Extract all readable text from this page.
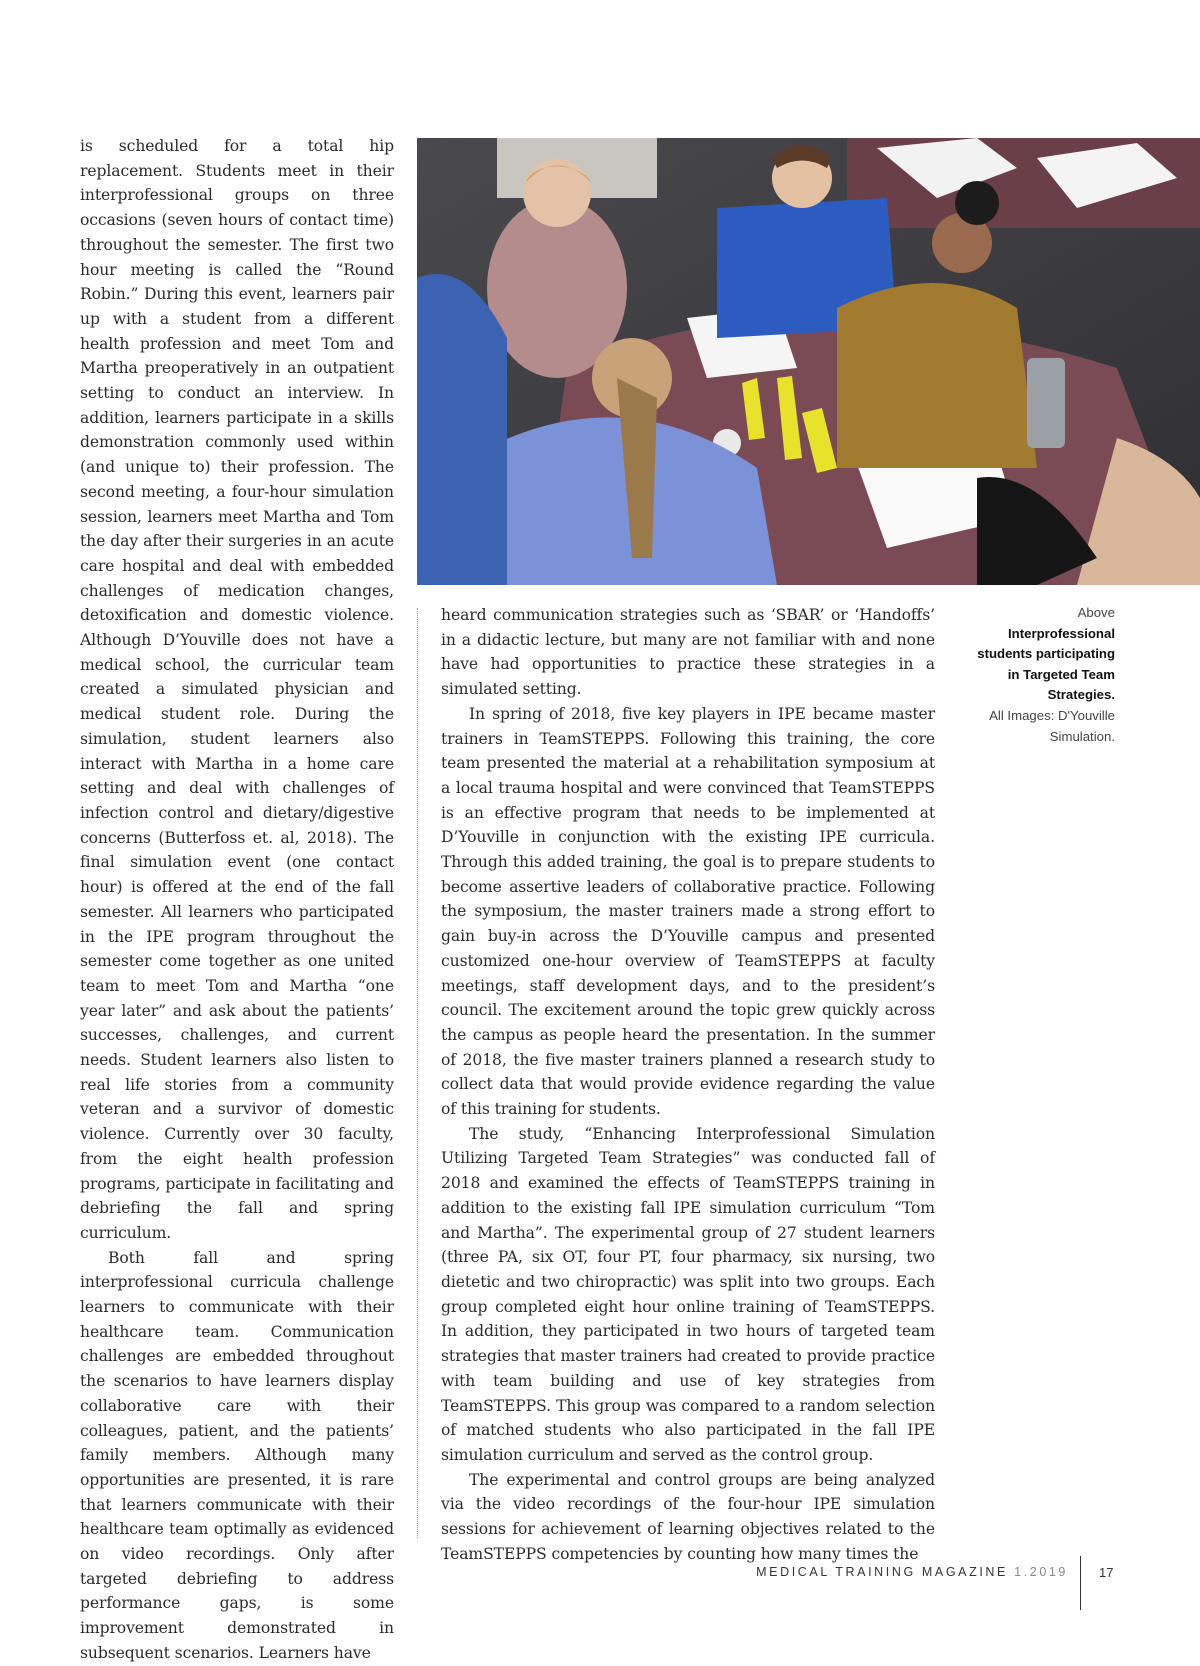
is scheduled for a total hip replacement. Students meet in their interprofessional groups on three occasions (seven hours of contact time) throughout the semester. The first two hour meeting is called the “Round Robin.” During this event, learners pair up with a student from a different health profession and meet Tom and Martha preoperatively in an outpatient setting to conduct an interview. In addition, learners participate in a skills demonstration commonly used within (and unique to) their profession. The second meeting, a four-hour simulation session, learners meet Martha and Tom the day after their surgeries in an acute care hospital and deal with embedded challenges of medication changes, detoxification and domestic violence. Although D’Youville does not have a medical school, the curricular team created a simulated physician and medical student role. During the simulation, student learners also interact with Martha in a home care setting and deal with challenges of infection control and dietary/digestive concerns (Butterfoss et. al, 2018). The final simulation event (one contact hour) is offered at the end of the fall semester. All learners who participated in the IPE program throughout the semester come together as one united team to meet Tom and Martha “one year later” and ask about the patients’ successes, challenges, and current needs. Student learners also listen to real life stories from a community veteran and a survivor of domestic violence. Currently over 30 faculty, from the eight health profession programs, participate in facilitating and debriefing the fall and spring curriculum.

Both fall and spring interprofessional curricula challenge learners to communicate with their healthcare team. Communication challenges are embedded throughout the scenarios to have learners display collaborative care with their colleagues, patient, and the patients’ family members. Although many opportunities are presented, it is rare that learners communicate with their healthcare team optimally as evidenced on video recordings. Only after targeted debriefing to address performance gaps, is some improvement demonstrated in subsequent scenarios. Learners have

heard communication strategies such as ‘SBAR’ or ‘Handoffs’ in a didactic lecture, but many are not familiar with and none have had opportunities to practice these strategies in a simulated setting.

In spring of 2018, five key players in IPE became master trainers in TeamSTEPPS. Following this training, the core team presented the material at a rehabilitation symposium at a local trauma hospital and were convinced that TeamSTEPPS is an effective program that needs to be implemented at D’Youville in conjunction with the existing IPE curricula. Through this added training, the goal is to prepare students to become assertive leaders of collaborative practice. Following the symposium, the master trainers made a strong effort to gain buy-in across the D’Youville campus and presented customized one-hour overview of TeamSTEPPS at faculty meetings, staff development days, and to the president’s council. The excitement around the topic grew quickly across the campus as people heard the presentation. In the summer of 2018, the five master trainers planned a research study to collect data that would provide evidence regarding the value of this training for students.

The study, “Enhancing Interprofessional Simulation Utilizing Targeted Team Strategies” was conducted fall of 2018 and examined the effects of TeamSTEPPS training in addition to the existing fall IPE simulation curriculum “Tom and Martha”. The experimental group of 27 student learners (three PA, six OT, four PT, four pharmacy, six nursing, two dietetic and two chiropractic) was split into two groups. Each group completed eight hour online training of TeamSTEPPS. In addition, they participated in two hours of targeted team strategies that master trainers had created to provide practice with team building and use of key strategies from TeamSTEPPS. This group was compared to a random selection of matched students who also participated in the fall IPE simulation curriculum and served as the control group.

The experimental and control groups are being analyzed via the video recordings of the four-hour IPE simulation sessions for achievement of learning objectives related to the TeamSTEPPS competencies by counting how many times the

Above
Interprofessional students participating in Targeted Team Strategies.
All Images: D'Youville Simulation.
MEDICAL TRAINING MAGAZINE 1.2019 17
